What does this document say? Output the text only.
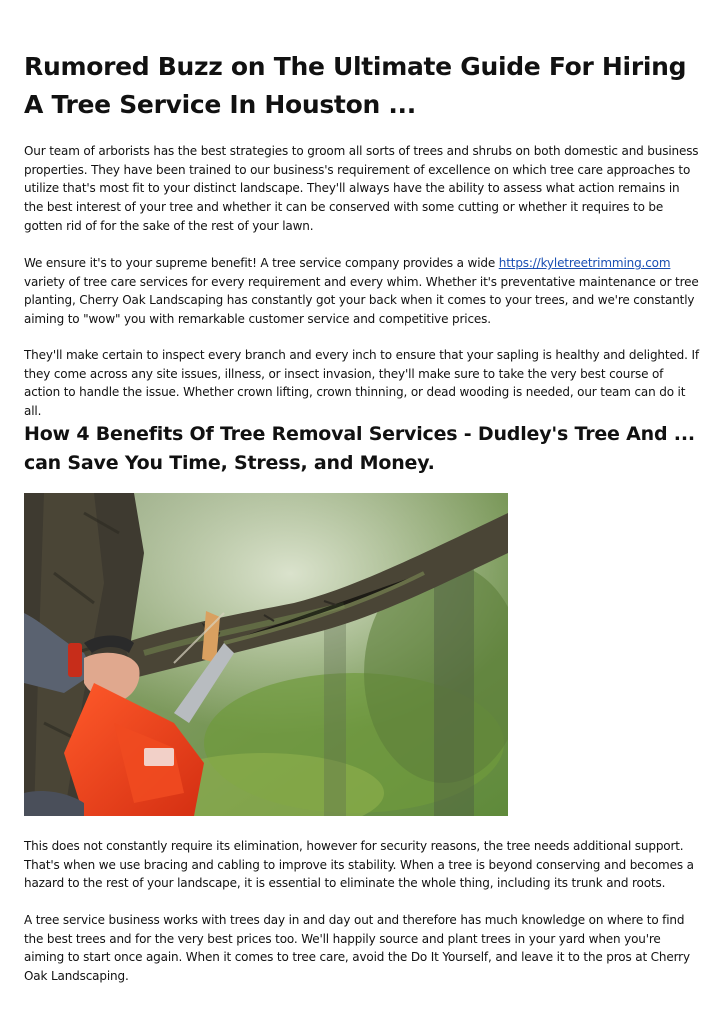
Rumored Buzz on The Ultimate Guide For Hiring A Tree Service In Houston ...

Our team of arborists has the best strategies to groom all sorts of trees and shrubs on both domestic and business properties. They have been trained to our business's requirement of excellence on which tree care approaches to utilize that's most fit to your distinct landscape. They'll always have the ability to assess what action remains in the best interest of your tree and whether it can be conserved with some cutting or whether it requires to be gotten rid of for the sake of the rest of your lawn.

We ensure it's to your supreme benefit! A tree service company provides a wide https://kyletreetrimming.com variety of tree care services for every requirement and every whim. Whether it's preventative maintenance or tree planting, Cherry Oak Landscaping has constantly got your back when it comes to your trees, and we're constantly aiming to "wow" you with remarkable customer service and competitive prices.

They'll make certain to inspect every branch and every inch to ensure that your sapling is healthy and delighted. If they come across any site issues, illness, or insect invasion, they'll make sure to take the very best course of action to handle the issue. Whether crown lifting, crown thinning, or dead wooding is needed, our team can do it all.

How 4 Benefits Of Tree Removal Services - Dudley's Tree And ... can Save You Time, Stress, and Money.

This does not constantly require its elimination, however for security reasons, the tree needs additional support. That's when we use bracing and cabling to improve its stability. When a tree is beyond conserving and becomes a hazard to the rest of your landscape, it is essential to eliminate the whole thing, including its trunk and roots.

A tree service business works with trees day in and day out and therefore has much knowledge on where to find the best trees and for the very best prices too. We'll happily source and plant trees in your yard when you're aiming to start once again. When it comes to tree care, avoid the Do It Yourself, and leave it to the pros at Cherry Oak Landscaping.
